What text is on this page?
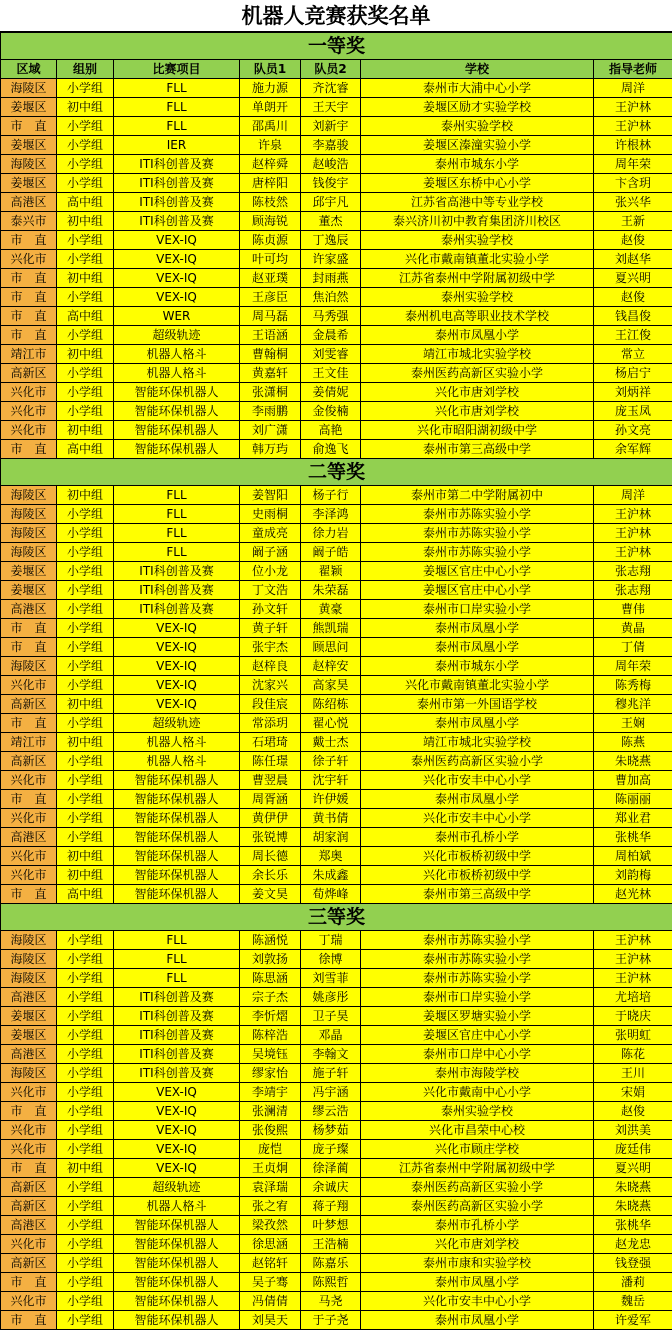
机器人竞赛获奖名单
一等奖						
区域	组别	比赛项目	队员1	队员2	学校	指导老师
海陵区	小学组	FLL	施力源	齐沈睿	泰州市大浦中心小学	周洋
姜堰区	初中组	FLL	单朗开	王天宇	姜堰区励才实验学校	王沪林
市　直	小学组	FLL	邵禹川	刘新宇	泰州实验学校	王沪林
姜堰区	小学组	IER	许泉	李嘉骏	姜堰区溱潼实验小学	许根林
海陵区	小学组	ITI科创普及赛	赵梓舜	赵峻浩	泰州市城东小学	周年荣
姜堰区	小学组	ITI科创普及赛	唐梓阳	钱俊宇	姜堰区东桥中心小学	卞含玥
高港区	高中组	ITI科创普及赛	陈枝然	邱宇凡	江苏省高港中等专业学校	张兴华
泰兴市	初中组	ITI科创普及赛	顾海锐	董杰	泰兴济川初中教育集团济川校区	王新
市　直	小学组	VEX-IQ	陈贞源	丁逸辰	泰州实验学校	赵俊
兴化市	小学组	VEX-IQ	叶可均	许家盛	兴化市戴南镇董北实验小学	刘赵华
市　直	初中组	VEX-IQ	赵亚璞	封雨燕	江苏省泰州中学附属初级中学	夏兴明
市　直	小学组	VEX-IQ	王彦臣	焦泊然	泰州实验学校	赵俊
市　直	高中组	WER	周马磊	马秀强	泰州机电高等职业技术学校	钱昌俊
市　直	小学组	超级轨迹	王语涵	金晨希	泰州市凤凰小学	王江俊
靖江市	初中组	机器人格斗	曹翰桐	刘雯睿	靖江市城北实验学校	常立
高新区	小学组	机器人格斗	黄嘉轩	王文佳	泰州医药高新区实验小学	杨启宁
兴化市	小学组	智能环保机器人	张潇桐	姜倩妮	兴化市唐刘学校	刘炳祥
兴化市	小学组	智能环保机器人	李雨鹏	金俊楠	兴化市唐刘学校	庞玉凤
兴化市	初中组	智能环保机器人	刘广潇	高艳	兴化市昭阳湖初级中学	孙文亮
市　直	高中组	智能环保机器人	韩万玙	俞逸飞	泰州市第三高级中学	余军辉
二等奖						
海陵区	初中组	FLL	姜智阳	杨子行	泰州市第二中学附属初中	周洋
海陵区	小学组	FLL	史雨桐	李泽鸿	泰州市苏陈实验小学	王沪林
海陵区	小学组	FLL	童成亮	徐力岩	泰州市苏陈实验小学	王沪林
海陵区	小学组	FLL	阚子涵	阚子皓	泰州市苏陈实验小学	王沪林
姜堰区	小学组	ITI科创普及赛	位小龙	翟颖	姜堰区官庄中心小学	张志翔
姜堰区	小学组	ITI科创普及赛	丁文浩	朱荣磊	姜堰区官庄中心小学	张志翔
高港区	小学组	ITI科创普及赛	孙文轩	黄豪	泰州市口岸实验小学	曹伟
市　直	小学组	VEX-IQ	黄子轩	熊凯瑞	泰州市凤凰小学	黄晶
市　直	小学组	VEX-IQ	张宇杰	顾思问	泰州市凤凰小学	丁倩
海陵区	小学组	VEX-IQ	赵梓良	赵梓安	泰州市城东小学	周年荣
兴化市	小学组	VEX-IQ	沈家兴	高家昊	兴化市戴南镇董北实验小学	陈秀梅
高新区	初中组	VEX-IQ	段佳宸	陈绍栋	泰州市第一外国语学校	穆兆洋
市　直	小学组	超级轨迹	常添玥	翟心悦	泰州市凤凰小学	王娴
靖江市	初中组	机器人格斗	石珺琦	戴士杰	靖江市城北实验学校	陈燕
高新区	小学组	机器人格斗	陈任璟	徐子轩	泰州医药高新区实验小学	朱晓燕
兴化市	小学组	智能环保机器人	曹翌晨	沈宇轩	兴化市安丰中心小学	曹加高
市　直	小学组	智能环保机器人	周胥涵	许伊媛	泰州市凤凰小学	陈丽丽
兴化市	小学组	智能环保机器人	黄伊伊	黄书倩	兴化市安丰中心小学	郑业君
高港区	小学组	智能环保机器人	张锐博	胡家润	泰州市孔桥小学	张桃华
兴化市	初中组	智能环保机器人	周长德	郑奥	兴化市板桥初级中学	周柏斌
兴化市	初中组	智能环保机器人	余长乐	朱成鑫	兴化市板桥初级中学	刘韵梅
市　直	高中组	智能环保机器人	姜文昊	荀烨峰	泰州市第三高级中学	赵光林
三等奖						
海陵区	小学组	FLL	陈涵悦	丁瑞	泰州市苏陈实验小学	王沪林
海陵区	小学组	FLL	刘敦扬	徐博	泰州市苏陈实验小学	王沪林
海陵区	小学组	FLL	陈思涵	刘雪菲	泰州市苏陈实验小学	王沪林
高港区	小学组	ITI科创普及赛	宗子杰	姚彦彤	泰州市口岸实验小学	尤培培
姜堰区	小学组	ITI科创普及赛	李忻熠	卫子昊	姜堰区罗塘实验小学	于晓庆
姜堰区	小学组	ITI科创普及赛	陈梓浩	邓晶	姜堰区官庄中心小学	张明虹
高港区	小学组	ITI科创普及赛	吴境钰	李翰文	泰州市口岸中心小学	陈花
海陵区	小学组	ITI科创普及赛	缪家怡	施子轩	泰州市海陵学校	王川
兴化市	小学组	VEX-IQ	李靖宇	冯宇涵	兴化市戴南中心小学	宋娟
市　直	小学组	VEX-IQ	张澜清	缪云浩	泰州实验学校	赵俊
兴化市	小学组	VEX-IQ	张俊熙	杨梦茹	兴化市昌荣中心校	刘洪美
兴化市	小学组	VEX-IQ	庞恺	庞子璨	兴化市顾庄学校	庞廷伟
市　直	初中组	VEX-IQ	王贞炯	徐泽蔺	江苏省泰州中学附属初级中学	夏兴明
高新区	小学组	超级轨迹	袁泽瑞	余诚庆	泰州医药高新区实验小学	朱晓燕
高新区	小学组	机器人格斗	张之宥	蒋子翔	泰州医药高新区实验小学	朱晓燕
高港区	小学组	智能环保机器人	梁孜然	叶梦想	泰州市孔桥小学	张桃华
兴化市	小学组	智能环保机器人	徐思涵	王浩楠	兴化市唐刘学校	赵龙忠
高新区	小学组	智能环保机器人	赵铭轩	陈嘉乐	泰州市康和实验学校	钱登强
市　直	小学组	智能环保机器人	吴子骞	陈熙哲	泰州市凤凰小学	潘莉
兴化市	小学组	智能环保机器人	冯倩倩	马尧	兴化市安丰中心小学	魏岳
市　直	小学组	智能环保机器人	刘昊天	于子尧	泰州市凤凰小学	许爱军
